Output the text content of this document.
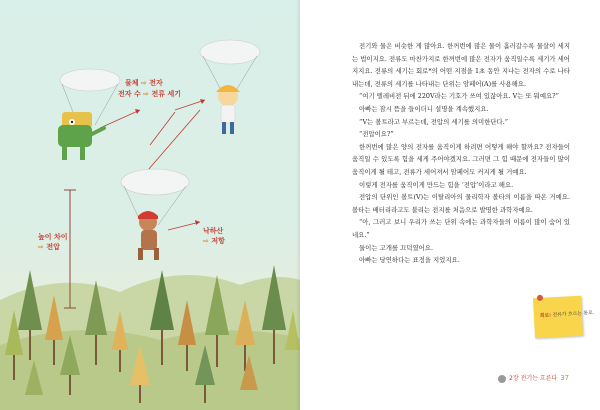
물체 ⇨ 전자
전자 수 ⇨ 전류 세기
높이 차이
⇨ 전압
낙하산
⇨ 저항

전기와 물은 비슷한 게 많아요. 한꺼번에 많은 물이 흘러갈수록 물살이 세지는 법이지요. 전류도 마찬가지로 한꺼번에 많은 전자가 움직일수록 세기가 세어지지요. 전류의 세기는 회로*의 어떤 지점을 1초 동안 지나는 전자의 수로 나타내는데, 전류의 세기를 나타내는 단위는 암페어(A)를 사용해요.

“여기 텔레비전 뒤에 220V라는 기호가 쓰여 있잖아요. V는 또 뭐예요?”

아빠는 잠시 뜸을 들이더니 설명을 계속했지요.

“V는 볼트라고 부르는데, 전압의 세기를 의미한단다.”

“전압이요?”

한꺼번에 많은 양의 전자를 움직이게 하려면 어떻게 해야 할까요? 전자들이 움직일 수 있도록 힘을 세게 주어야겠지요. 그러면 그 힘 때문에 전자들이 많이 움직이게 될 테고, 전류가 세어져서 암페어도 커지게 될 거예요.

이렇게 전자를 움직이게 만드는 힘을 ‘전압’이라고 해요.

전압의 단위인 볼트(V)는 이탈리아의 물리학자 볼타의 이름을 따온 거예요. 볼타는 배터리라고도 불리는 전지를 처음으로 발명한 과학자예요.

“아, 그러고 보니 우리가 쓰는 단위 속에는 과학자들의 이름이 많이 숨어 있네요.”

둘이는 고개를 끄덕였어요.

아빠는 당연하다는 표정을 지었지요.

회로: 전류가 흐르는 통로.
2장 전기는 흐른다 37
